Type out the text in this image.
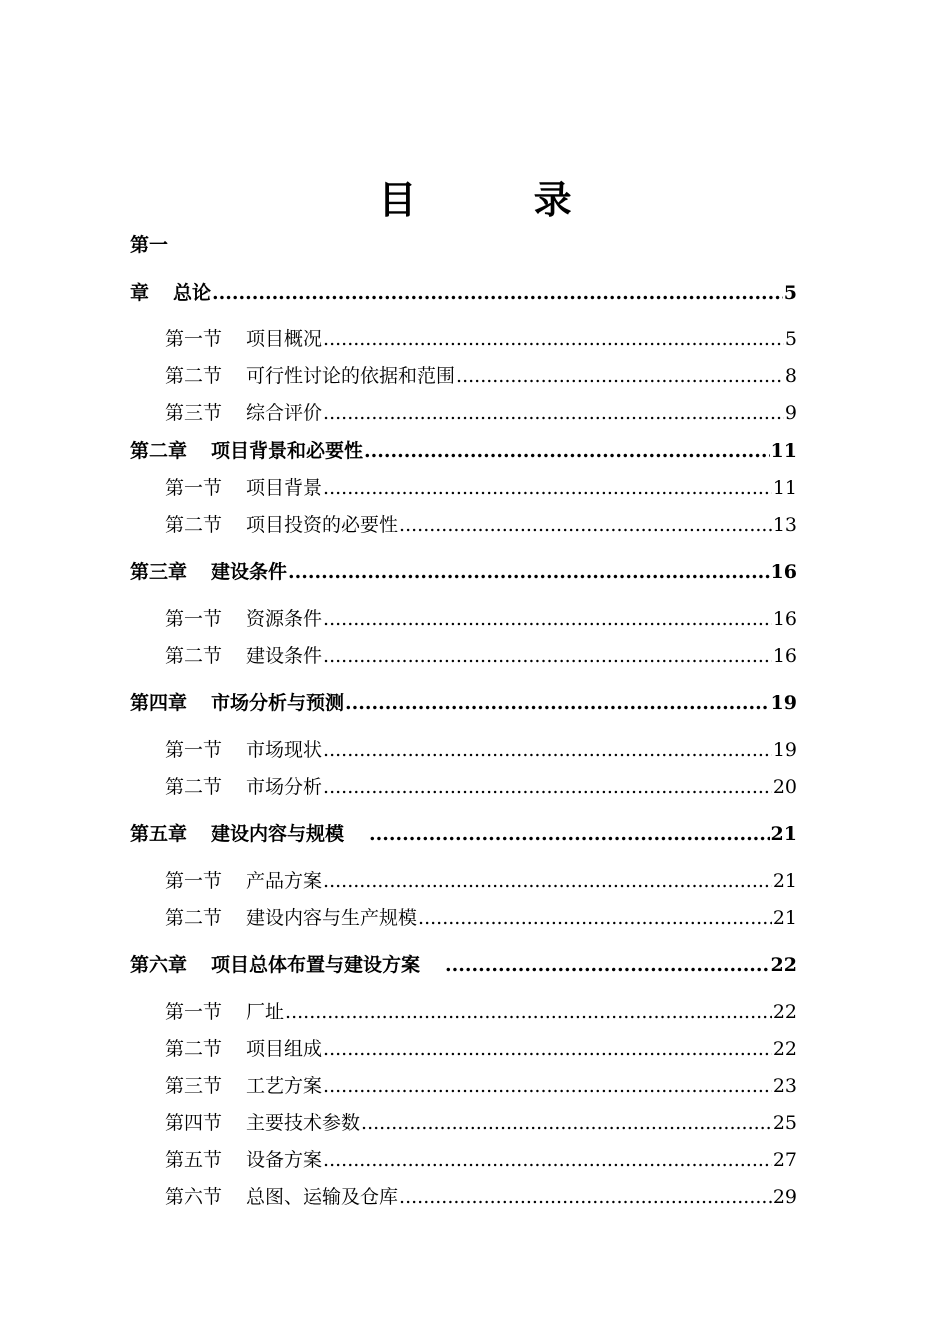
目 录
第一
章 总论 .....	5
第一节 项目概况 .....	5
第二节 可行性讨论的依据和范围 .....	8
第三节 综合评价 .....	9
第二章 项目背景和必要性 .....	11
第一节 项目背景 .....	11
第二节 项目投资的必要性 .....	13
第三章 建设条件 .....	16
第一节 资源条件 .....	16
第二节 建设条件 .....	16
第四章 市场分析与预测 .....	19
第一节 市场现状 .....	19
第二节 市场分析 .....	20
第五章 建设内容与规模 .....	21
第一节 产品方案 .....	21
第二节 建设内容与生产规模 .....	21
第六章 项目总体布置与建设方案 .....	22
第一节 厂址 .....	22
第二节 项目组成 .....	22
第三节 工艺方案 .....	23
第四节 主要技术参数 .....	25
第五节 设备方案 .....	27
第六节 总图、运输及仓库 .....	29
